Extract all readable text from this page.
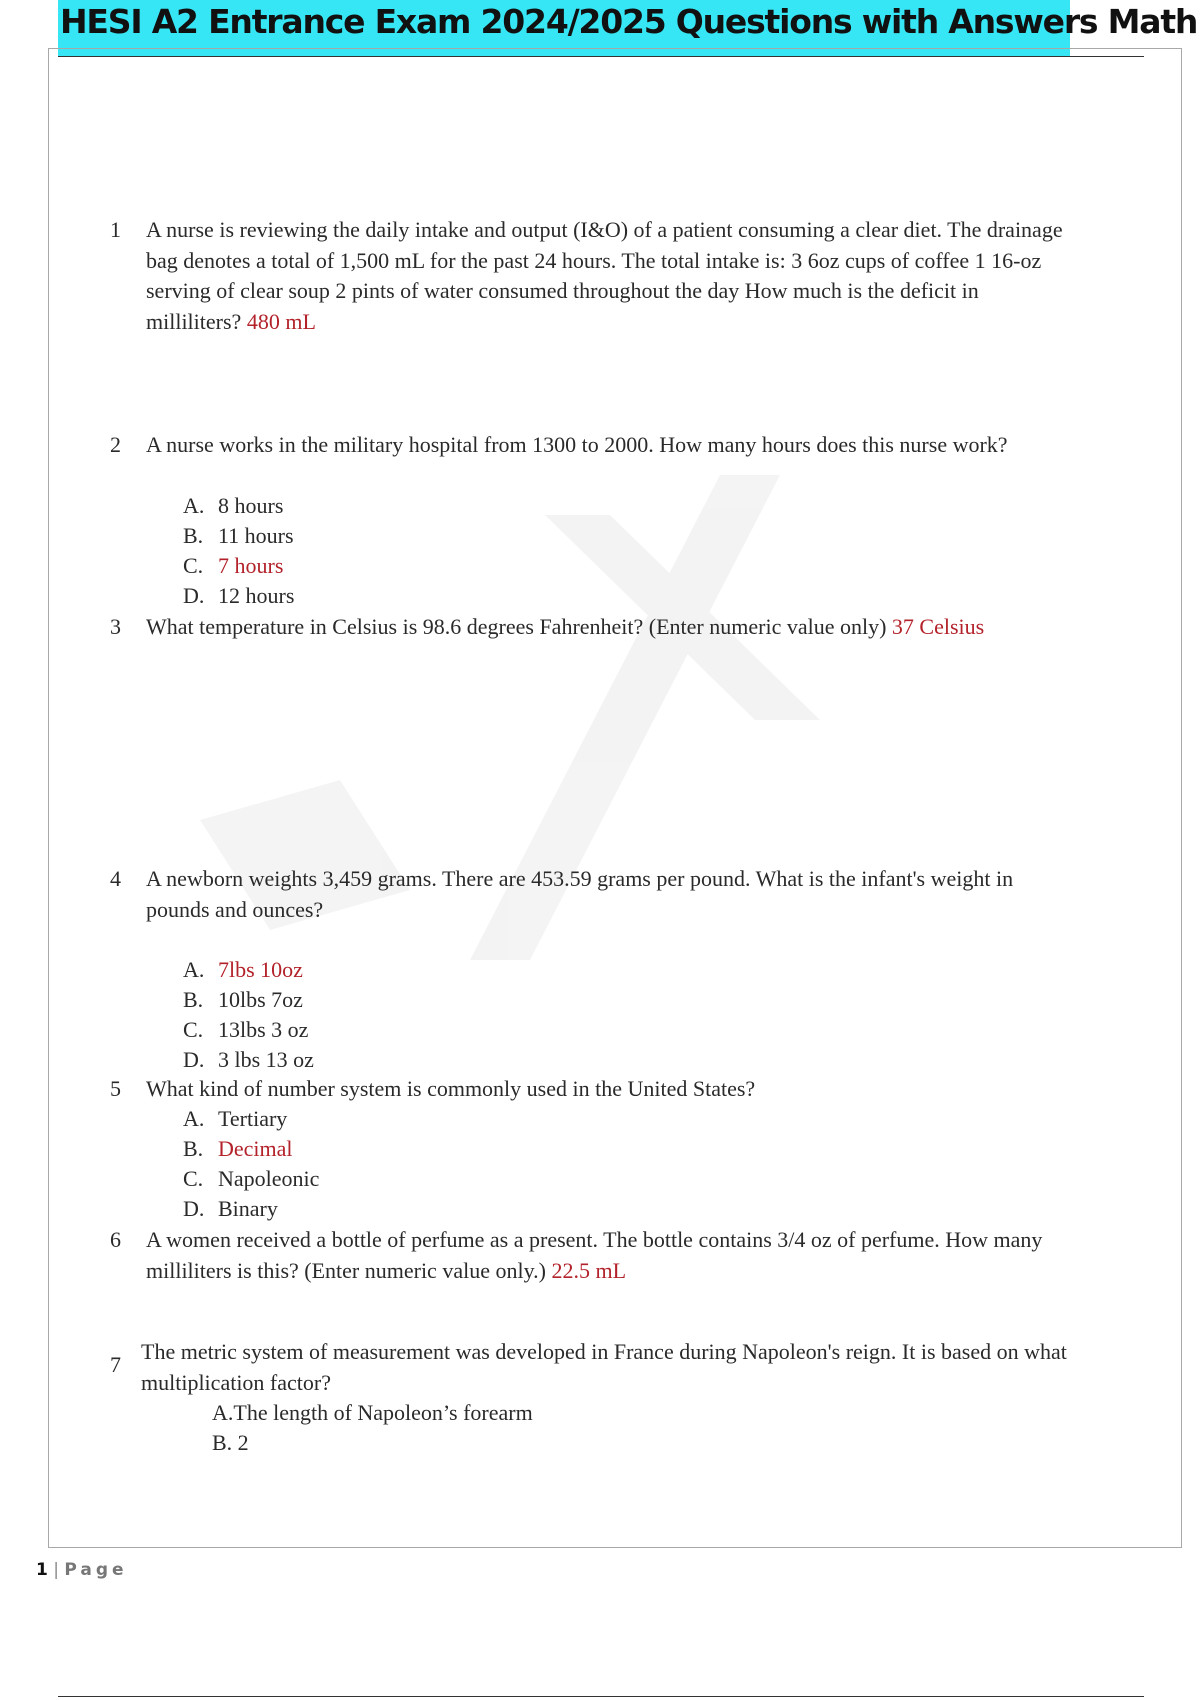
HESI A2 Entrance Exam 2024/2025 Questions with Answers Math
1 A nurse is reviewing the daily intake and output (I&O) of a patient consuming a clear diet. The drainage bag denotes a total of 1,500 mL for the past 24 hours. The total intake is: 3 6oz cups of coffee 1 16-oz serving of clear soup 2 pints of water consumed throughout the day How much is the deficit in milliliters? 480 mL
2 A nurse works in the military hospital from 1300 to 2000. How many hours does this nurse work?
A. 8 hours
B. 11 hours
C. 7 hours
D. 12 hours
3 What temperature in Celsius is 98.6 degrees Fahrenheit? (Enter numeric value only) 37 Celsius
4 A newborn weights 3,459 grams. There are 453.59 grams per pound. What is the infant's weight in pounds and ounces?
A. 7lbs 10oz
B. 10lbs 7oz
C. 13lbs 3 oz
D. 3 lbs 13 oz
5 What kind of number system is commonly used in the United States?
A. Tertiary
B. Decimal
C. Napoleonic
D. Binary
6 A women received a bottle of perfume as a present. The bottle contains 3/4 oz of perfume. How many milliliters is this? (Enter numeric value only.) 22.5 mL
7
The metric system of measurement was developed in France during Napoleon's reign. It is based on what multiplication factor?
A.The length of Napoleon’s forearm
B. 2
1 | Page
